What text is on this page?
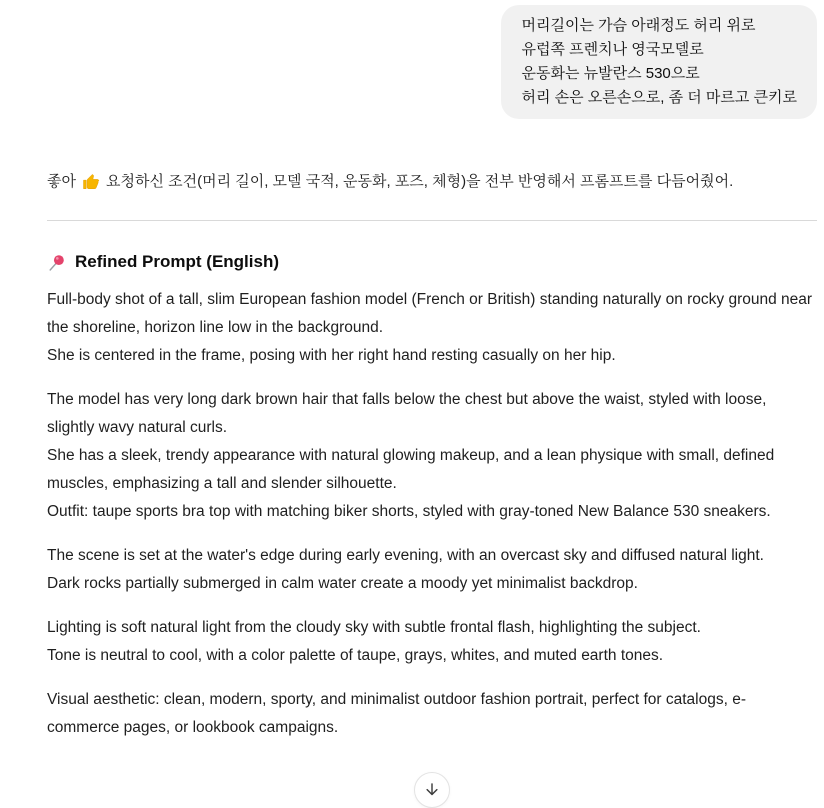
머리길이는 가슴 아래정도 허리 위로
유럽쪽 프렌치나 영국모델로
운동화는 뉴발란스 530으로
허리 손은 오른손으로, 좀 더 마르고 큰키로
좋아 요청하신 조건(머리 길이, 모델 국적, 운동화, 포즈, 체형)을 전부 반영해서 프롬프트를 다듬어줬어.
Refined Prompt (English)
Full-body shot of a tall, slim European fashion model (French or British) standing naturally on rocky ground near the shoreline, horizon line low in the background.
She is centered in the frame, posing with her right hand resting casually on her hip.
The model has very long dark brown hair that falls below the chest but above the waist, styled with loose, slightly wavy natural curls.
She has a sleek, trendy appearance with natural glowing makeup, and a lean physique with small, defined muscles, emphasizing a tall and slender silhouette.
Outfit: taupe sports bra top with matching biker shorts, styled with gray-toned New Balance 530 sneakers.
The scene is set at the water's edge during early evening, with an overcast sky and diffused natural light.
Dark rocks partially submerged in calm water create a moody yet minimalist backdrop.
Lighting is soft natural light from the cloudy sky with subtle frontal flash, highlighting the subject.
Tone is neutral to cool, with a color palette of taupe, grays, whites, and muted earth tones.
Visual aesthetic: clean, modern, sporty, and minimalist outdoor fashion portrait, perfect for catalogs, e-commerce pages, or lookbook campaigns.
